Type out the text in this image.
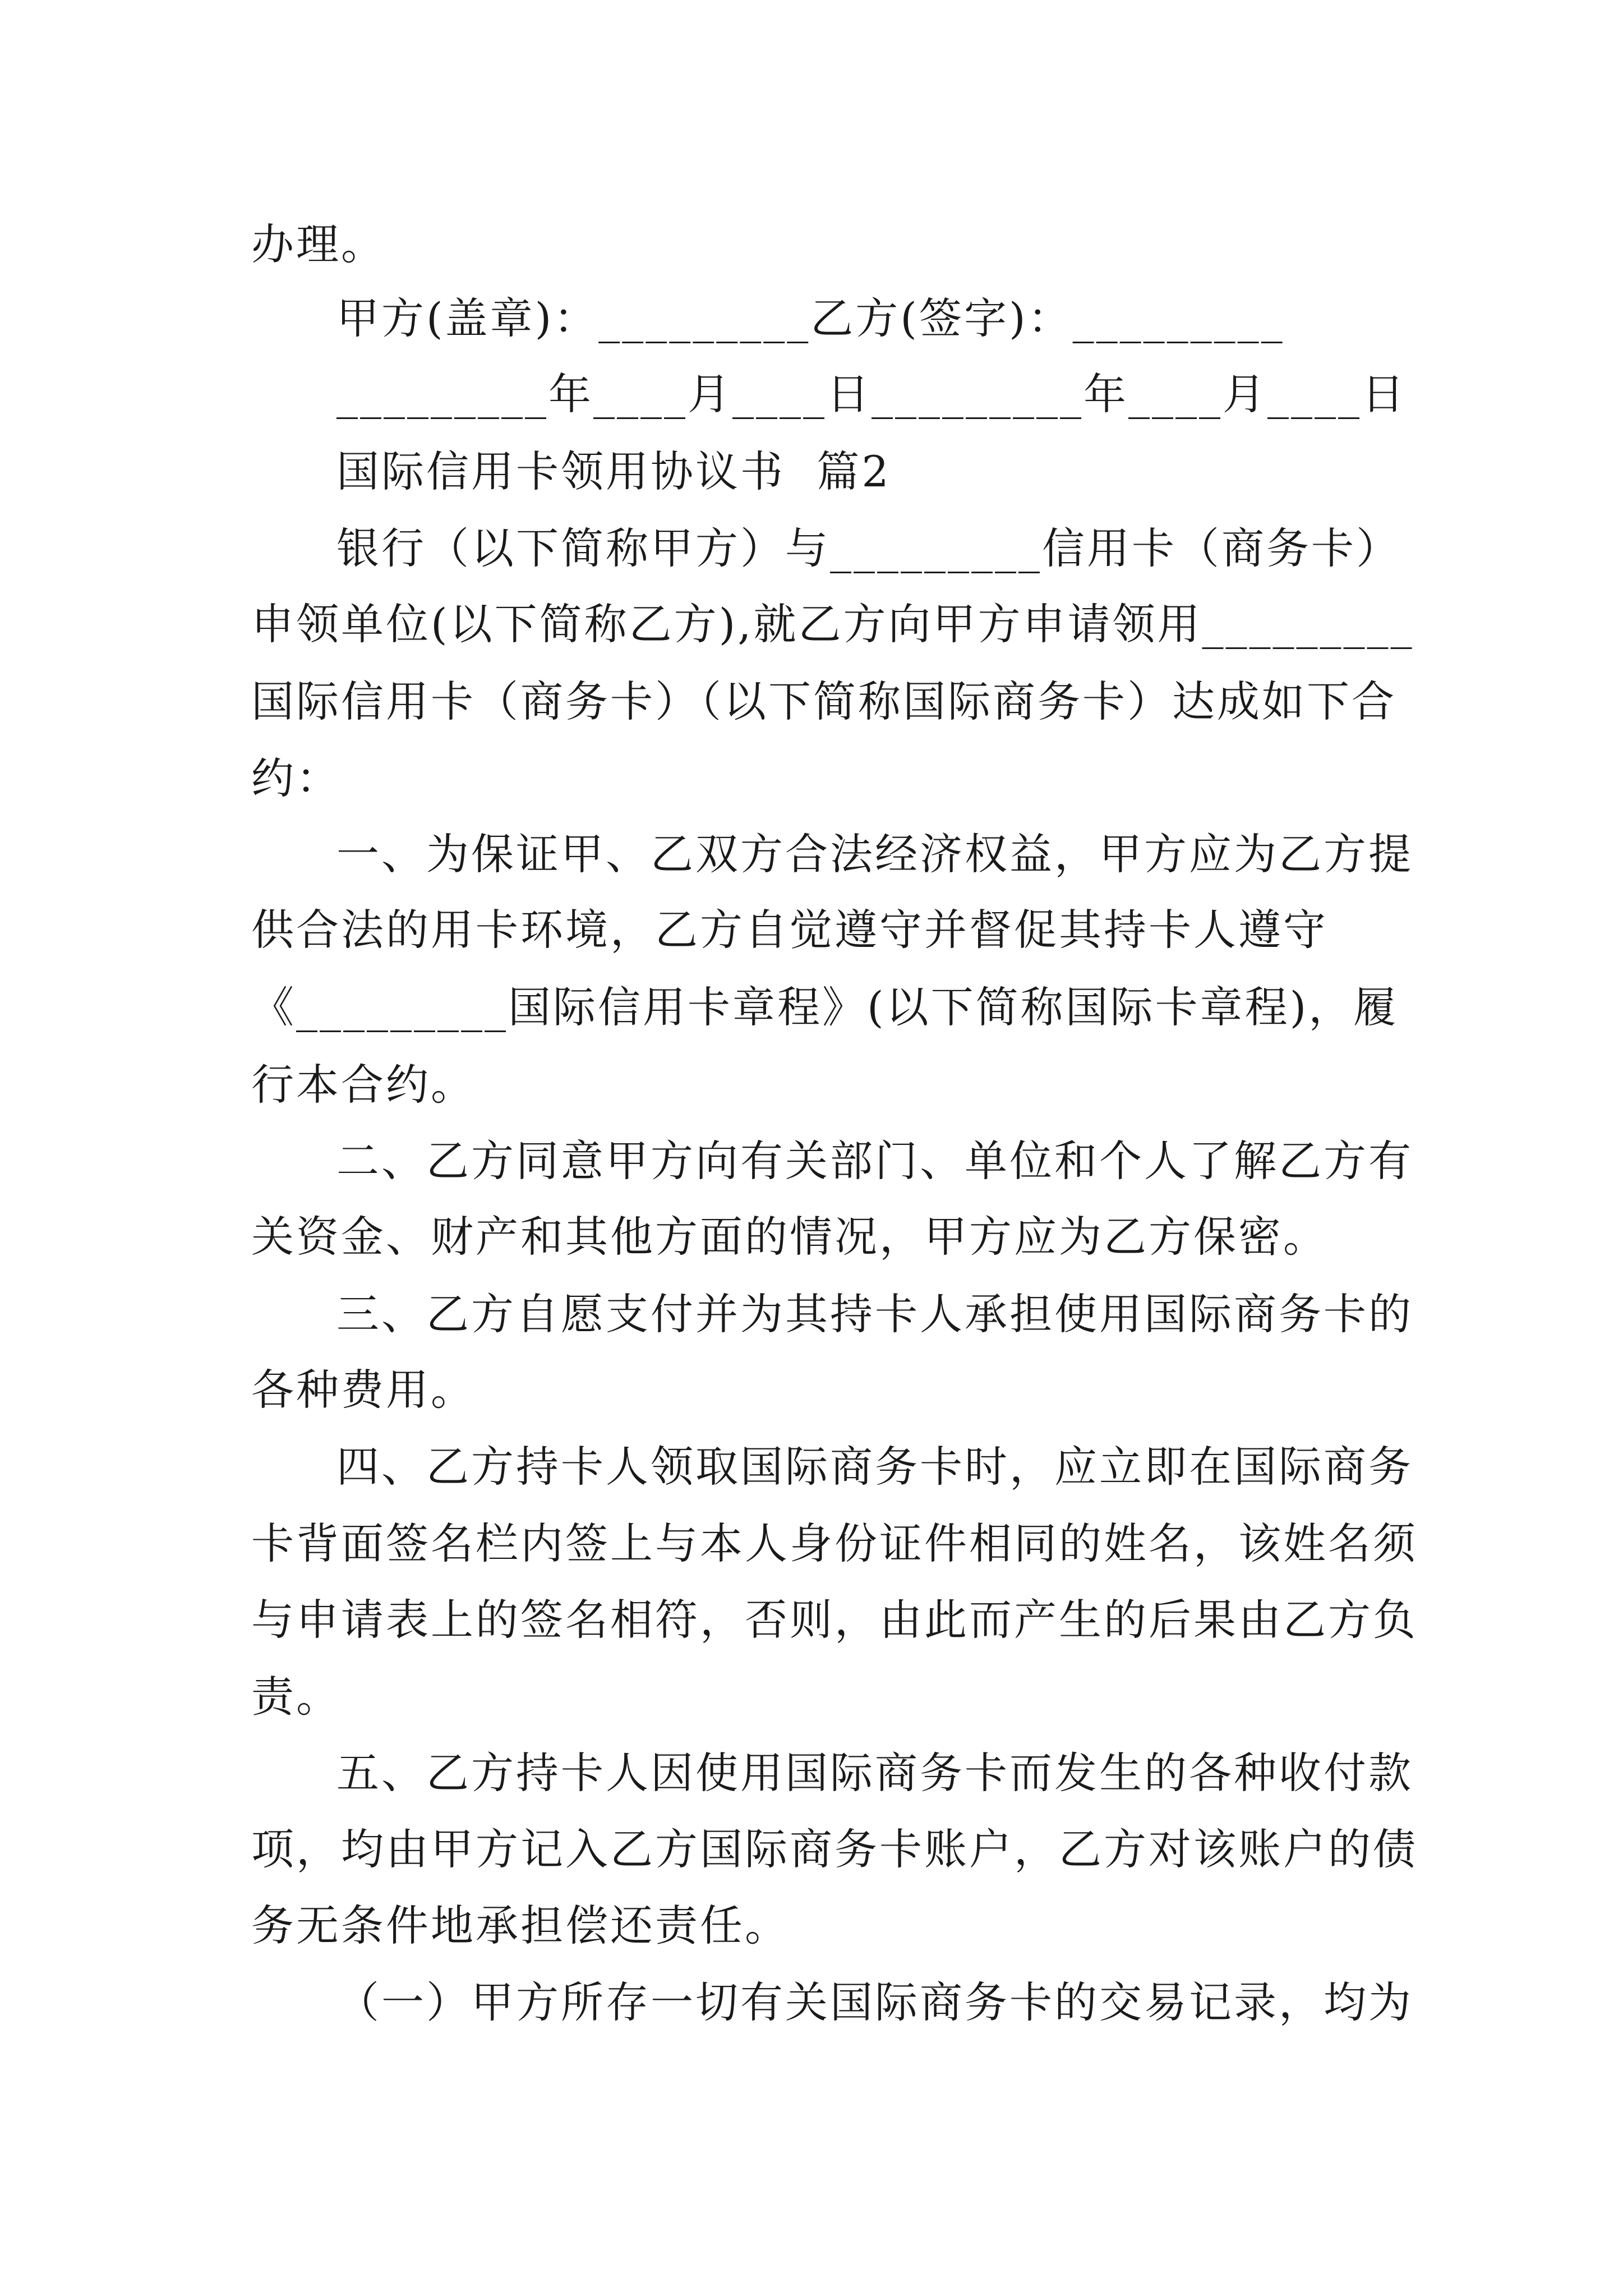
办理。
甲方(盖章)：_________乙方(签字)：_________
_________年____月____日_________年____月____日
国际信用卡领用协议书  篇2
银行（以下简称甲方）与_________信用卡（商务卡）
申领单位(以下简称乙方),就乙方向甲方申请领用_________
国际信用卡（商务卡）（以下简称国际商务卡）达成如下合
约：
一、为保证甲、乙双方合法经济权益，甲方应为乙方提
供合法的用卡环境，乙方自觉遵守并督促其持卡人遵守
《_________国际信用卡章程》(以下简称国际卡章程)，履
行本合约。
二、乙方同意甲方向有关部门、单位和个人了解乙方有
关资金、财产和其他方面的情况，甲方应为乙方保密。
三、乙方自愿支付并为其持卡人承担使用国际商务卡的
各种费用。
四、乙方持卡人领取国际商务卡时，应立即在国际商务
卡背面签名栏内签上与本人身份证件相同的姓名，该姓名须
与申请表上的签名相符，否则，由此而产生的后果由乙方负
责。
五、乙方持卡人因使用国际商务卡而发生的各种收付款
项，均由甲方记入乙方国际商务卡账户，乙方对该账户的债
务无条件地承担偿还责任。
（一）甲方所存一切有关国际商务卡的交易记录，均为
